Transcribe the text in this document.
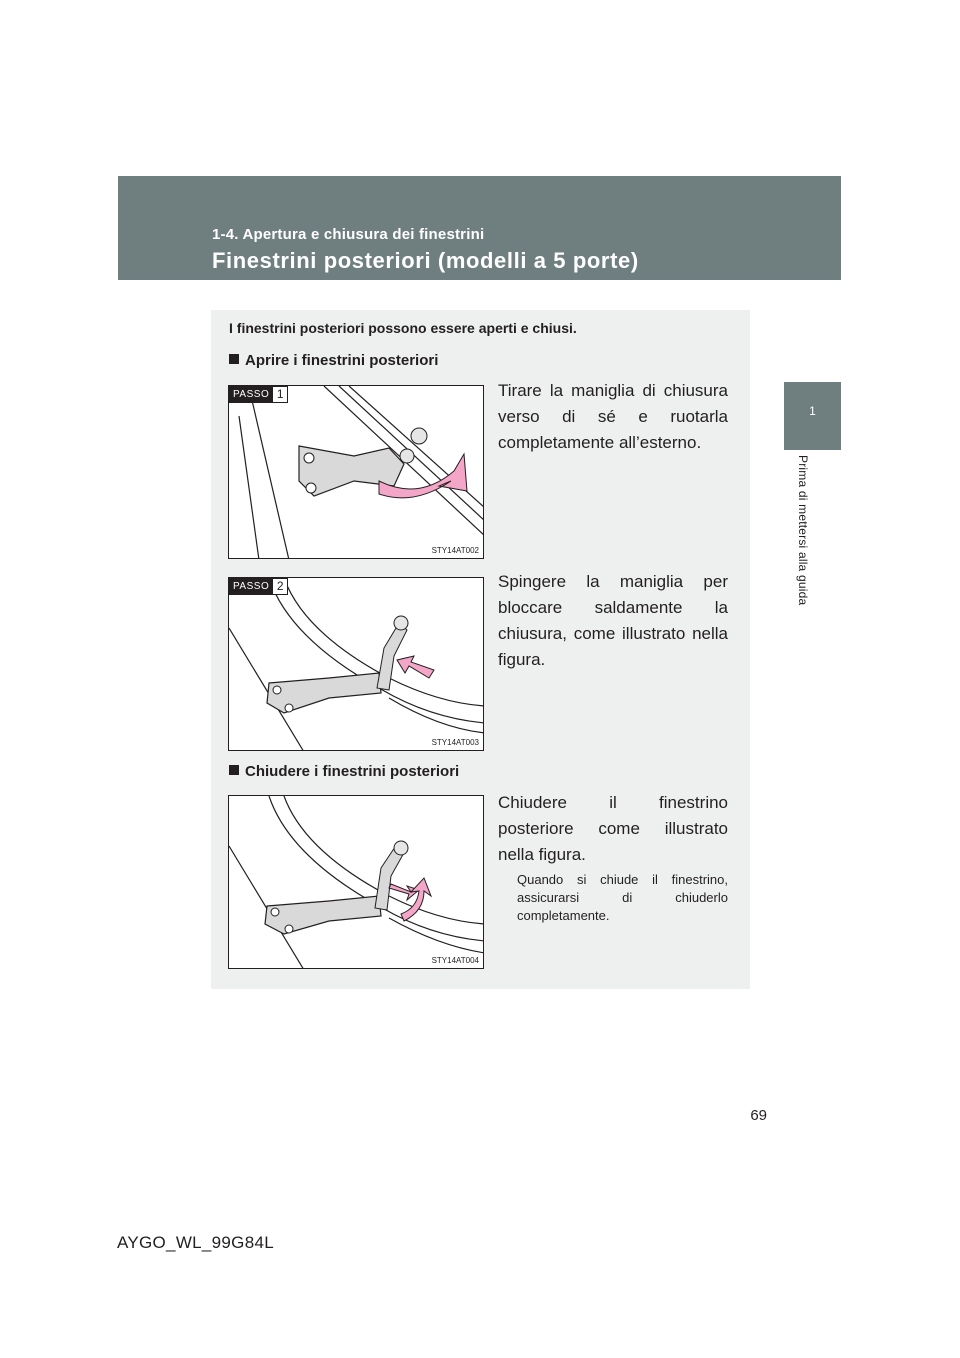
1-4. Apertura e chiusura dei finestrini
Finestrini posteriori (modelli a 5 porte)
1
Prima di mettersi alla guida
I finestrini posteriori possono essere aperti e chiusi.
Aprire i finestrini posteriori
PASSO 1
STY14AT002
Tirare la maniglia di chiusura verso di sé e ruotarla completamente all’esterno.
PASSO 2
STY14AT003
Spingere la maniglia per bloccare saldamente la chiusura, come illustrato nella figura.
Chiudere i finestrini posteriori
STY14AT004
Chiudere il finestrino posteriore come illustrato nella figura.
Quando si chiude il finestrino, assicurarsi di chiuderlo completamente.
69
AYGO_WL_99G84L
